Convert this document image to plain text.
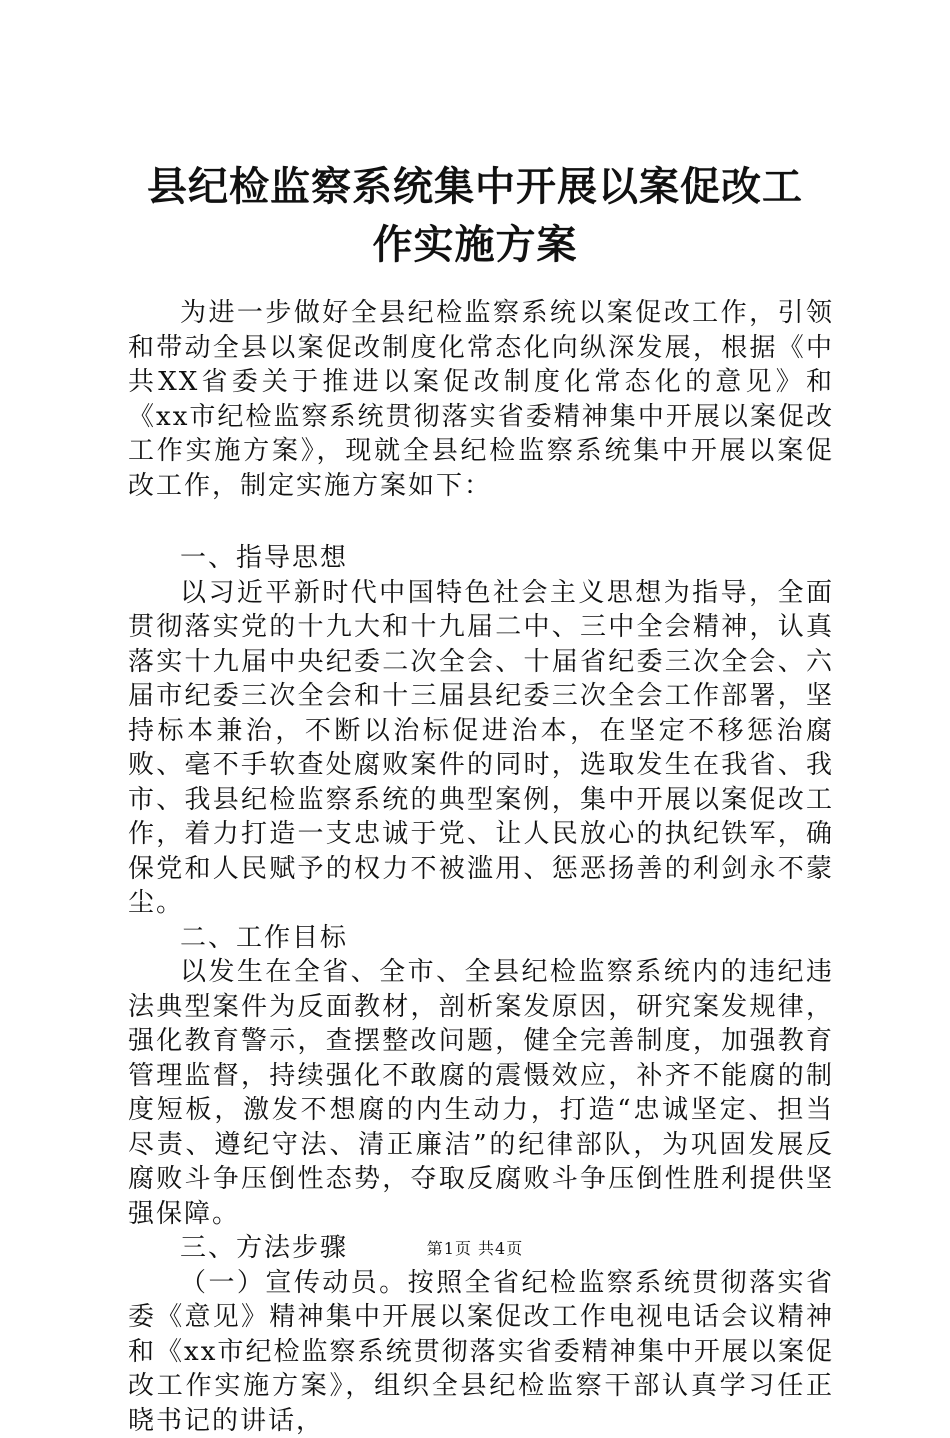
县纪检监察系统集中开展以案促改工作实施方案

为进一步做好全县纪检监察系统以案促改工作，引领和带动全县以案促改制度化常态化向纵深发展，根据《中共XX省委关于推进以案促改制度化常态化的意见》和《xx市纪检监察系统贯彻落实省委精神集中开展以案促改工作实施方案》，现就全县纪检监察系统集中开展以案促改工作，制定实施方案如下：

一、指导思想

以习近平新时代中国特色社会主义思想为指导，全面贯彻落实党的十九大和十九届二中、三中全会精神，认真落实十九届中央纪委二次全会、十届省纪委三次全会、六届市纪委三次全会和十三届县纪委三次全会工作部署，坚持标本兼治，不断以治标促进治本，在坚定不移惩治腐败、毫不手软查处腐败案件的同时，选取发生在我省、我市、我县纪检监察系统的典型案例，集中开展以案促改工作，着力打造一支忠诚于党、让人民放心的执纪铁军，确保党和人民赋予的权力不被滥用、惩恶扬善的利剑永不蒙尘。

二、工作目标

以发生在全省、全市、全县纪检监察系统内的违纪违法典型案件为反面教材，剖析案发原因，研究案发规律，强化教育警示，查摆整改问题，健全完善制度，加强教育管理监督，持续强化不敢腐的震慑效应，补齐不能腐的制度短板，激发不想腐的内生动力，打造“忠诚坚定、担当尽责、遵纪守法、清正廉洁”的纪律部队，为巩固发展反腐败斗争压倒性态势，夺取反腐败斗争压倒性胜利提供坚强保障。

三、方法步骤

（一）宣传动员。按照全省纪检监察系统贯彻落实省委《意见》精神集中开展以案促改工作电视电话会议精神和《xx市纪检监察系统贯彻落实省委精神集中开展以案促改工作实施方案》，组织全县纪检监察干部认真学习任正晓书记的讲话，

第1页 共4页
